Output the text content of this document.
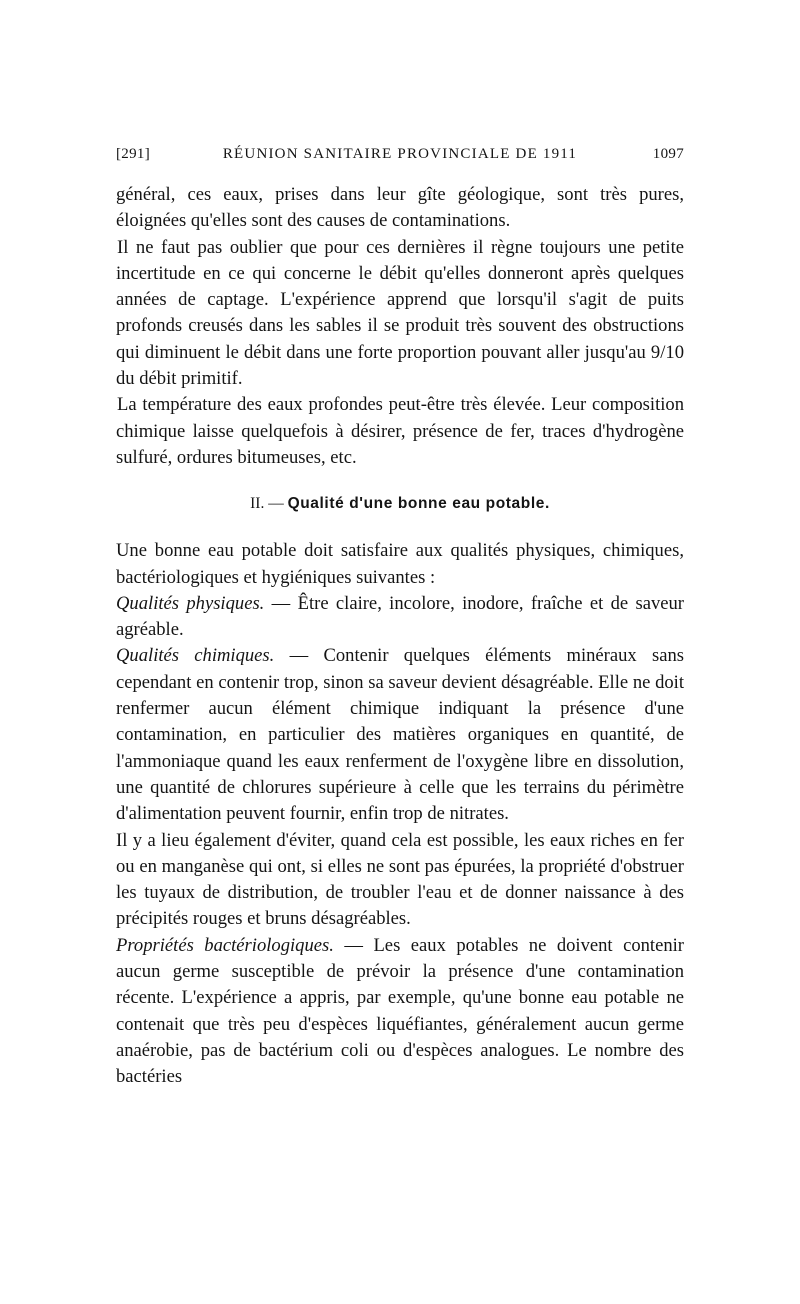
[291]	RÉUNION SANITAIRE PROVINCIALE DE 1911	1097

général, ces eaux, prises dans leur gîte géologique, sont très pures, éloignées qu'elles sont des causes de contaminations.

Il ne faut pas oublier que pour ces dernières il règne toujours une petite incertitude en ce qui concerne le débit qu'elles donneront après quelques années de captage. L'expérience apprend que lorsqu'il s'agit de puits profonds creusés dans les sables il se produit très souvent des obstructions qui diminuent le débit dans une forte proportion pouvant aller jusqu'au 9/10 du débit primitif.

La température des eaux profondes peut-être très élevée. Leur composition chimique laisse quelquefois à désirer, présence de fer, traces d'hydrogène sulfuré, ordures bitumeuses, etc.

II. — Qualité d'une bonne eau potable.

Une bonne eau potable doit satisfaire aux qualités physiques, chimiques, bactériologiques et hygiéniques suivantes :

Qualités physiques. — Être claire, incolore, inodore, fraîche et de saveur agréable.

Qualités chimiques. — Contenir quelques éléments minéraux sans cependant en contenir trop, sinon sa saveur devient désagréable. Elle ne doit renfermer aucun élément chimique indiquant la présence d'une contamination, en particulier des matières organiques en quantité, de l'ammoniaque quand les eaux renferment de l'oxygène libre en dissolution, une quantité de chlorures supérieure à celle que les terrains du périmètre d'alimentation peuvent fournir, enfin trop de nitrates.

Il y a lieu également d'éviter, quand cela est possible, les eaux riches en fer ou en manganèse qui ont, si elles ne sont pas épurées, la propriété d'obstruer les tuyaux de distribution, de troubler l'eau et de donner naissance à des précipités rouges et bruns désagréables.

Propriétés bactériologiques. — Les eaux potables ne doivent contenir aucun germe susceptible de prévoir la présence d'une contamination récente. L'expérience a appris, par exemple, qu'une bonne eau potable ne contenait que très peu d'espèces liquéfiantes, généralement aucun germe anaérobie, pas de bactérium coli ou d'espèces analogues. Le nombre des bactéries
